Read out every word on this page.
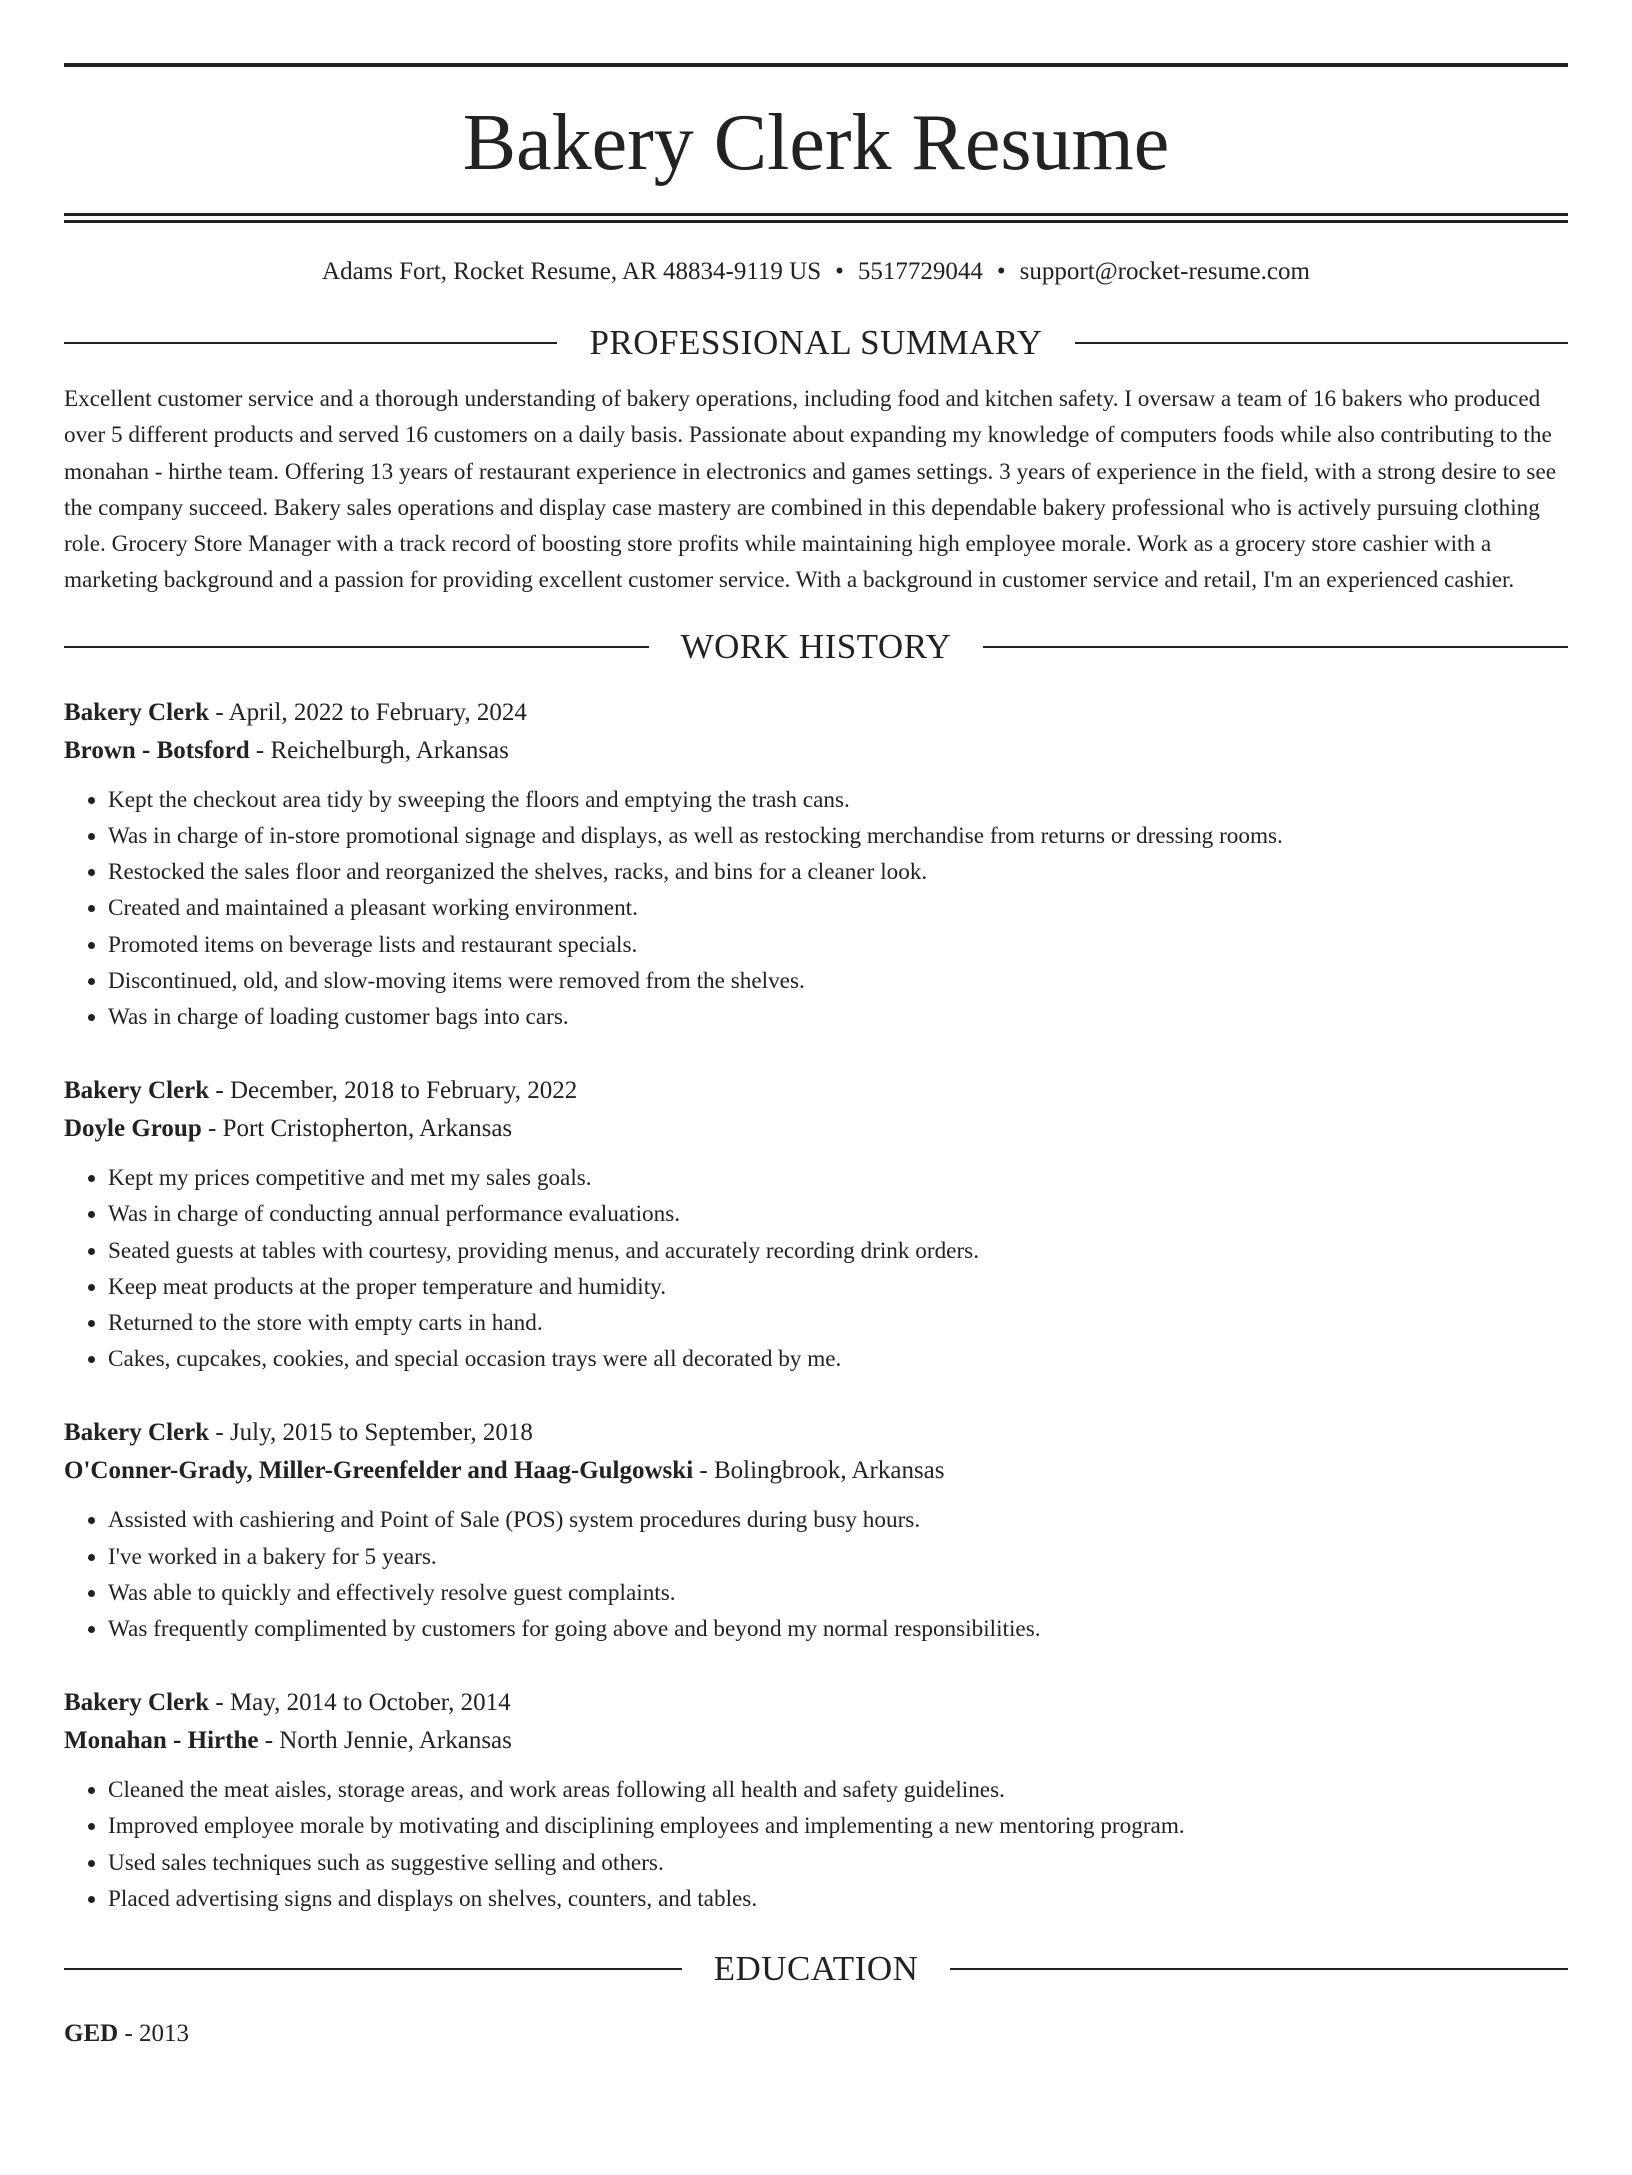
Bakery Clerk Resume
Adams Fort, Rocket Resume, AR 48834-9119 US • 5517729044 • support@rocket-resume.com
PROFESSIONAL SUMMARY
Excellent customer service and a thorough understanding of bakery operations, including food and kitchen safety. I oversaw a team of 16 bakers who produced over 5 different products and served 16 customers on a daily basis. Passionate about expanding my knowledge of computers foods while also contributing to the monahan - hirthe team. Offering 13 years of restaurant experience in electronics and games settings. 3 years of experience in the field, with a strong desire to see the company succeed. Bakery sales operations and display case mastery are combined in this dependable bakery professional who is actively pursuing clothing role. Grocery Store Manager with a track record of boosting store profits while maintaining high employee morale. Work as a grocery store cashier with a marketing background and a passion for providing excellent customer service. With a background in customer service and retail, I'm an experienced cashier.
WORK HISTORY
Bakery Clerk - April, 2022 to February, 2024
Brown - Botsford - Reichelburgh, Arkansas
• Kept the checkout area tidy by sweeping the floors and emptying the trash cans.
• Was in charge of in-store promotional signage and displays, as well as restocking merchandise from returns or dressing rooms.
• Restocked the sales floor and reorganized the shelves, racks, and bins for a cleaner look.
• Created and maintained a pleasant working environment.
• Promoted items on beverage lists and restaurant specials.
• Discontinued, old, and slow-moving items were removed from the shelves.
• Was in charge of loading customer bags into cars.
Bakery Clerk - December, 2018 to February, 2022
Doyle Group - Port Cristopherton, Arkansas
• Kept my prices competitive and met my sales goals.
• Was in charge of conducting annual performance evaluations.
• Seated guests at tables with courtesy, providing menus, and accurately recording drink orders.
• Keep meat products at the proper temperature and humidity.
• Returned to the store with empty carts in hand.
• Cakes, cupcakes, cookies, and special occasion trays were all decorated by me.
Bakery Clerk - July, 2015 to September, 2018
O'Conner-Grady, Miller-Greenfelder and Haag-Gulgowski - Bolingbrook, Arkansas
• Assisted with cashiering and Point of Sale (POS) system procedures during busy hours.
• I've worked in a bakery for 5 years.
• Was able to quickly and effectively resolve guest complaints.
• Was frequently complimented by customers for going above and beyond my normal responsibilities.
Bakery Clerk - May, 2014 to October, 2014
Monahan - Hirthe - North Jennie, Arkansas
• Cleaned the meat aisles, storage areas, and work areas following all health and safety guidelines.
• Improved employee morale by motivating and disciplining employees and implementing a new mentoring program.
• Used sales techniques such as suggestive selling and others.
• Placed advertising signs and displays on shelves, counters, and tables.
EDUCATION
GED - 2013
